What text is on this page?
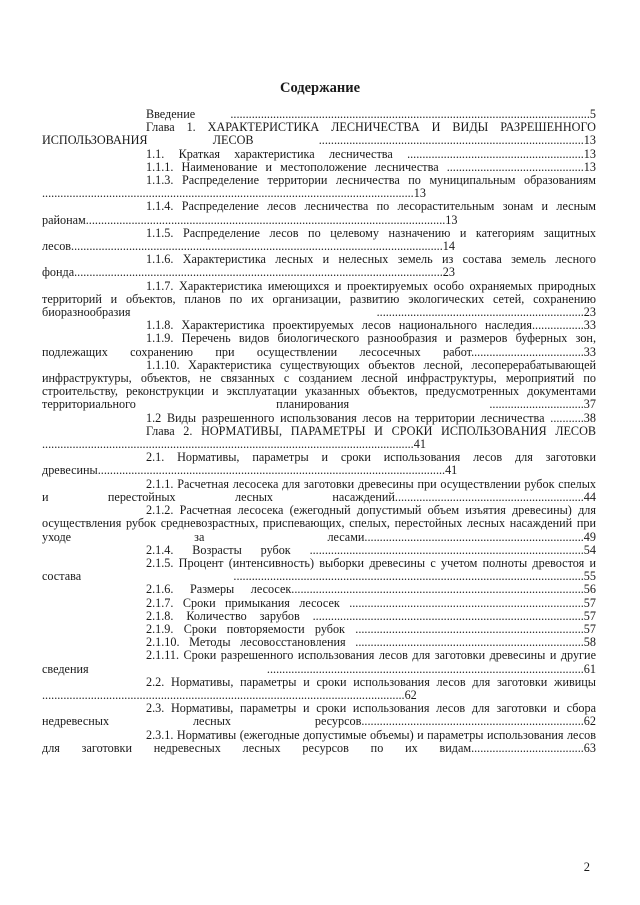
Содержание
Введение ......................................................................................................................5
Глава 1. ХАРАКТЕРИСТИКА ЛЕСНИЧЕСТВА И ВИДЫ РАЗРЕШЕННОГО ИСПОЛЬЗОВАНИЯ ЛЕСОВ .......................................................................................13
1.1. Краткая характеристика лесничества ..........................................................13
1.1.1. Наименование и местоположение лесничества .............................................13
1.1.3. Распределение территории лесничества по муниципальным образованиям ..........................................................................................................................13
1.1.4. Распределение лесов лесничества по лесорастительным зонам и лесным районам......................................................................................................................13
1.1.5. Распределение лесов по целевому назначению и категориям защитных лесов..........................................................................................................................14
1.1.6. Характеристика лесных и нелесных земель из состава земель лесного фонда.........................................................................................................................23
1.1.7. Характеристика имеющихся и проектируемых особо охраняемых природных территорий и объектов, планов по их организации, развитию экологических сетей, сохранению биоразнообразия ....................................................................23
1.1.8. Характеристика проектируемых лесов национального наследия.................33
1.1.9. Перечень видов биологического разнообразия и размеров буферных зон, подлежащих сохранению при осуществлении лесосечных работ.....................................33
1.1.10. Характеристика существующих объектов лесной, лесоперерабатывающей инфраструктуры, объектов, не связанных с созданием лесной инфраструктуры, мероприятий по строительству, реконструкции и эксплуатации указанных объектов, предусмотренных документами территориального планирования ...............................37
1.2 Виды разрешенного использования лесов на территории лесничества ...........38
Глава 2. НОРМАТИВЫ, ПАРАМЕТРЫ И СРОКИ ИСПОЛЬЗОВАНИЯ ЛЕСОВ ..........................................................................................................................41
2.1. Нормативы, параметры и сроки использования лесов для заготовки древесины..................................................................................................................41
2.1.1. Расчетная лесосека для заготовки древесины при осуществлении рубок спелых и перестойных лесных насаждений..............................................................44
2.1.2. Расчетная лесосека (ежегодный допустимый объем изъятия древесины) для осуществления рубок средневозрастных, приспевающих, спелых, перестойных лесных насаждений при уходе за лесами........................................................................49
2.1.4. Возрасты рубок ..........................................................................................54
2.1.5. Процент (интенсивность) выборки древесины с учетом полноты древостоя и состава ...................................................................................................................55
2.1.6. Размеры лесосек................................................................................................56
2.1.7. Сроки примыкания лесосек .............................................................................57
2.1.8. Количество зарубов .........................................................................................57
2.1.9. Сроки повторяемости рубок ...........................................................................57
2.1.10. Методы лесовосстановления ...........................................................................58
2.1.11. Сроки разрешенного использования лесов для заготовки древесины и другие сведения ........................................................................................................61
2.2. Нормативы, параметры и сроки использования лесов для заготовки живицы .......................................................................................................................62
2.3. Нормативы, параметры и сроки использования лесов для заготовки и сбора недревесных лесных ресурсов.........................................................................62
2.3.1. Нормативы (ежегодные допустимые объемы) и параметры использования лесов для заготовки недревесных лесных ресурсов по их видам.....................................63
2
